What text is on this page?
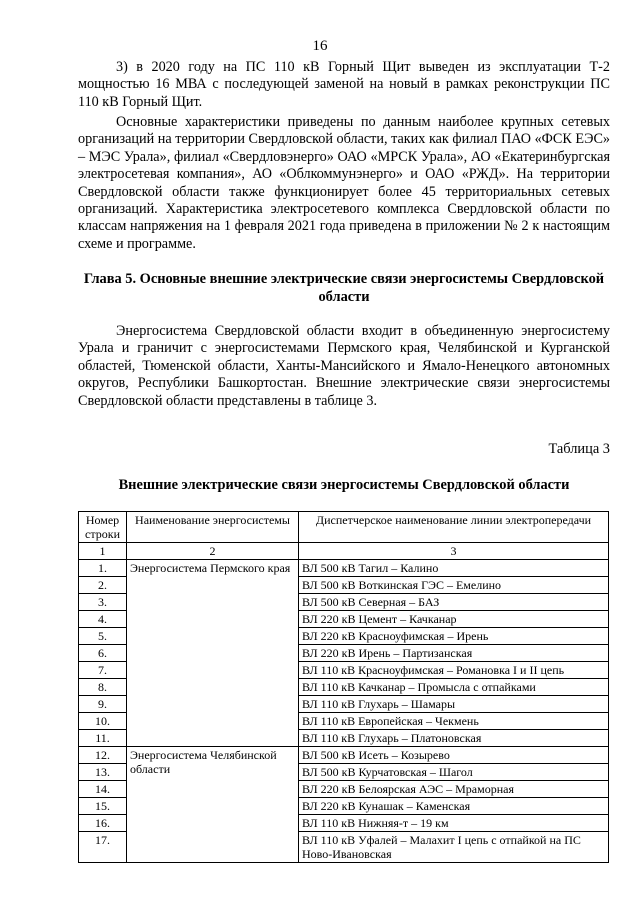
16

3) в 2020 году на ПС 110 кВ Горный Щит выведен из эксплуатации Т-2 мощностью 16 МВА с последующей заменой на новый в рамках реконструкции ПС 110 кВ Горный Щит.

Основные характеристики приведены по данным наиболее крупных сетевых организаций на территории Свердловской области, таких как филиал ПАО «ФСК ЕЭС» – МЭС Урала», филиал «Свердловэнерго» ОАО «МРСК Урала», АО «Екатеринбургская электросетевая компания», АО «Облкоммунэнерго» и ОАО «РЖД». На территории Свердловской области также функционирует более 45 территориальных сетевых организаций. Характеристика электросетевого комплекса Свердловской области по классам напряжения на 1 февраля 2021 года приведена в приложении № 2 к настоящим схеме и программе.

Глава 5. Основные внешние электрические связи энергосистемы Свердловской области

Энергосистема Свердловской области входит в объединенную энергосистему Урала и граничит с энергосистемами Пермского края, Челябинской и Курганской областей, Тюменской области, Ханты-Мансийского и Ямало-Ненецкого автономных округов, Республики Башкортостан. Внешние электрические связи энергосистемы Свердловской области представлены в таблице 3.

Таблица 3
Внешние электрические связи энергосистемы Свердловской области
Номер строки	Наименование энергосистемы	Диспетчерское наименование линии электропередачи
1	2	3
1.	Энергосистема Пермского края	ВЛ 500 кВ Тагил – Калино
2.		ВЛ 500 кВ Воткинская ГЭС – Емелино
3.		ВЛ 500 кВ Северная – БАЗ
4.		ВЛ 220 кВ Цемент – Качканар
5.		ВЛ 220 кВ Красноуфимская – Ирень
6.		ВЛ 220 кВ Ирень – Партизанская
7.		ВЛ 110 кВ Красноуфимская – Романовка I и II цепь
8.		ВЛ 110 кВ Качканар – Промысла с отпайками
9.		ВЛ 110 кВ Глухарь – Шамары
10.		ВЛ 110 кВ Европейская – Чекмень
11.		ВЛ 110 кВ Глухарь – Платоновская
12.	Энергосистема Челябинской области	ВЛ 500 кВ Исеть – Козырево
13.		ВЛ 500 кВ Курчатовская – Шагол
14.		ВЛ 220 кВ Белоярская АЭС – Мраморная
15.		ВЛ 220 кВ Кунашак – Каменская
16.		ВЛ 110 кВ Нижняя-т – 19 км
17.		ВЛ 110 кВ Уфалей – Малахит I цепь с отпайкой на ПС Ново-Ивановская
